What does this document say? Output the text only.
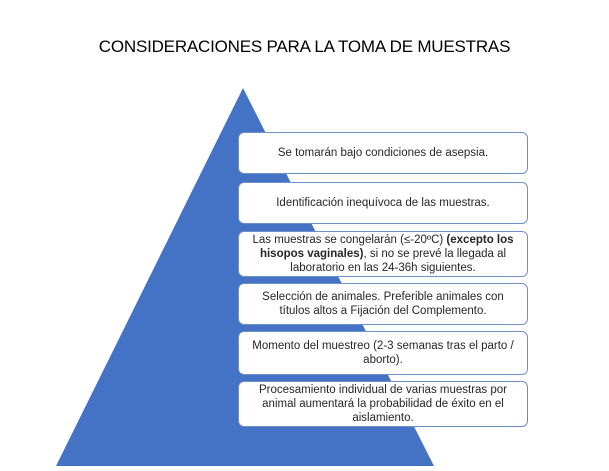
CONSIDERACIONES PARA LA TOMA DE MUESTRAS
Se tomarán bajo condiciones de asepsia.
Identificación inequívoca de las muestras.
Las muestras se congelarán (≤-20ºC) (excepto los hisopos vaginales), si no se prevé la llegada al laboratorio en las 24-36h siguientes.
Selección de animales. Preferible animales con títulos altos a Fijación del Complemento.
Momento del muestreo (2-3 semanas tras el parto / aborto).
Procesamiento individual de varias muestras por animal aumentará la probabilidad de éxito en el aislamiento.
